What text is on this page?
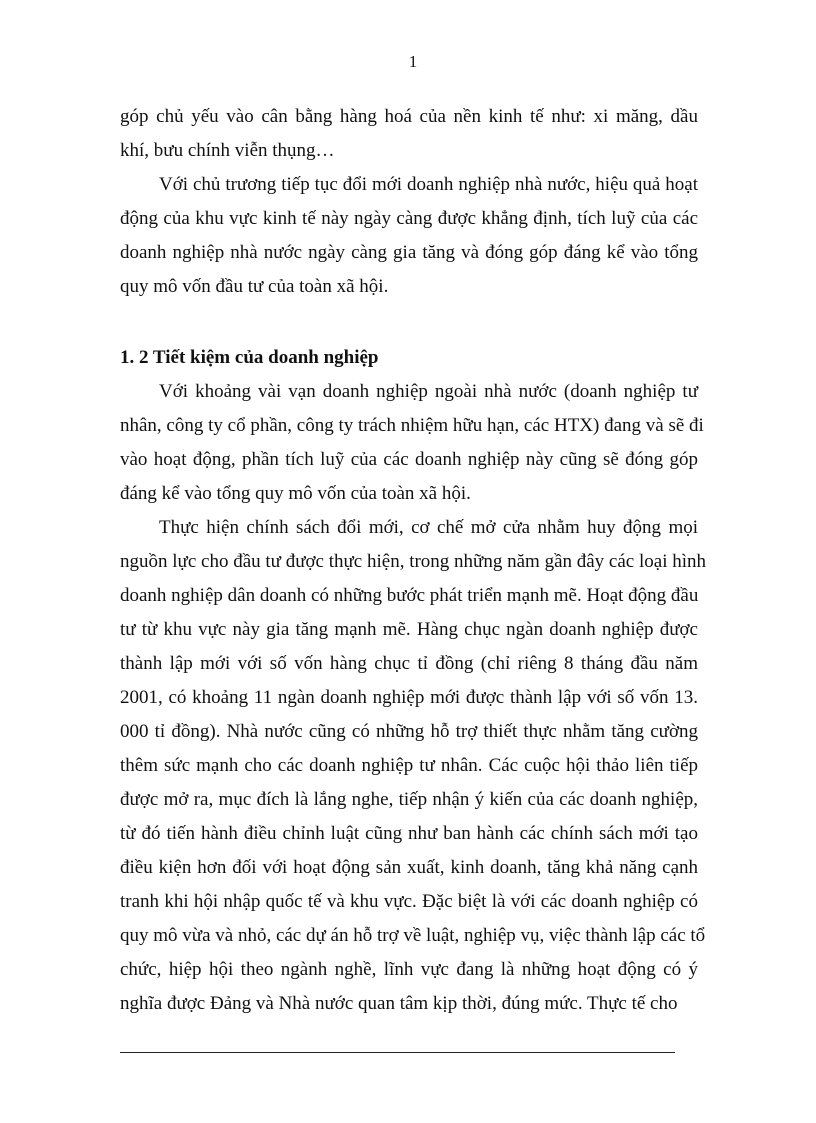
1
góp chủ yếu vào cân bằng hàng hoá của nền kinh tế như: xi măng, dầu
khí, bưu chính viễn thụng…
Với chủ trương tiếp tục đổi mới doanh nghiệp nhà nước, hiệu quả hoạt
động của khu vực kinh tế này ngày càng được khẳng định, tích luỹ của các
doanh nghiệp nhà nước ngày càng gia tăng và đóng góp đáng kể vào tổng
quy mô vốn đầu tư của toàn xã hội.
1. 2 Tiết kiệm của doanh nghiệp
Với khoảng vài vạn doanh nghiệp ngoài nhà nước (doanh nghiệp tư
nhân, công ty cổ phần, công ty trách nhiệm hữu hạn, các HTX) đang và sẽ đi
vào hoạt động, phần tích luỹ của các doanh nghiệp này cũng sẽ đóng góp
đáng kể vào tổng quy mô vốn của toàn xã hội.
Thực hiện chính sách đổi mới, cơ chế mở cửa nhằm huy động mọi
nguồn lực cho đầu tư được thực hiện, trong những năm gần đây các loại hình
doanh nghiệp dân doanh có những bước phát triển mạnh mẽ. Hoạt động đầu
tư từ khu vực này gia tăng mạnh mẽ. Hàng chục ngàn doanh nghiệp được
thành lập mới với số vốn hàng chục tỉ đồng (chỉ riêng 8 tháng đầu năm
2001, có khoảng 11 ngàn doanh nghiệp mới được thành lập với số vốn 13.
000 tỉ đồng). Nhà nước cũng có những hỗ trợ thiết thực nhằm tăng cường
thêm sức mạnh cho các doanh nghiệp tư nhân. Các cuộc hội thảo liên tiếp
được mở ra, mục đích là lắng nghe, tiếp nhận ý kiến của các doanh nghiệp,
từ đó tiến hành điều chỉnh luật cũng như ban hành các chính sách mới tạo
điều kiện hơn đối với hoạt động sản xuất, kinh doanh, tăng khả năng cạnh
tranh khi hội nhập quốc tế và khu vực. Đặc biệt là với các doanh nghiệp có
quy mô vừa và nhỏ, các dự án hỗ trợ về luật, nghiệp vụ, việc thành lập các tổ
chức, hiệp hội theo ngành nghề, lĩnh vực đang là những hoạt động có ý
nghĩa được Đảng và Nhà nước quan tâm kịp thời, đúng mức. Thực tế cho
